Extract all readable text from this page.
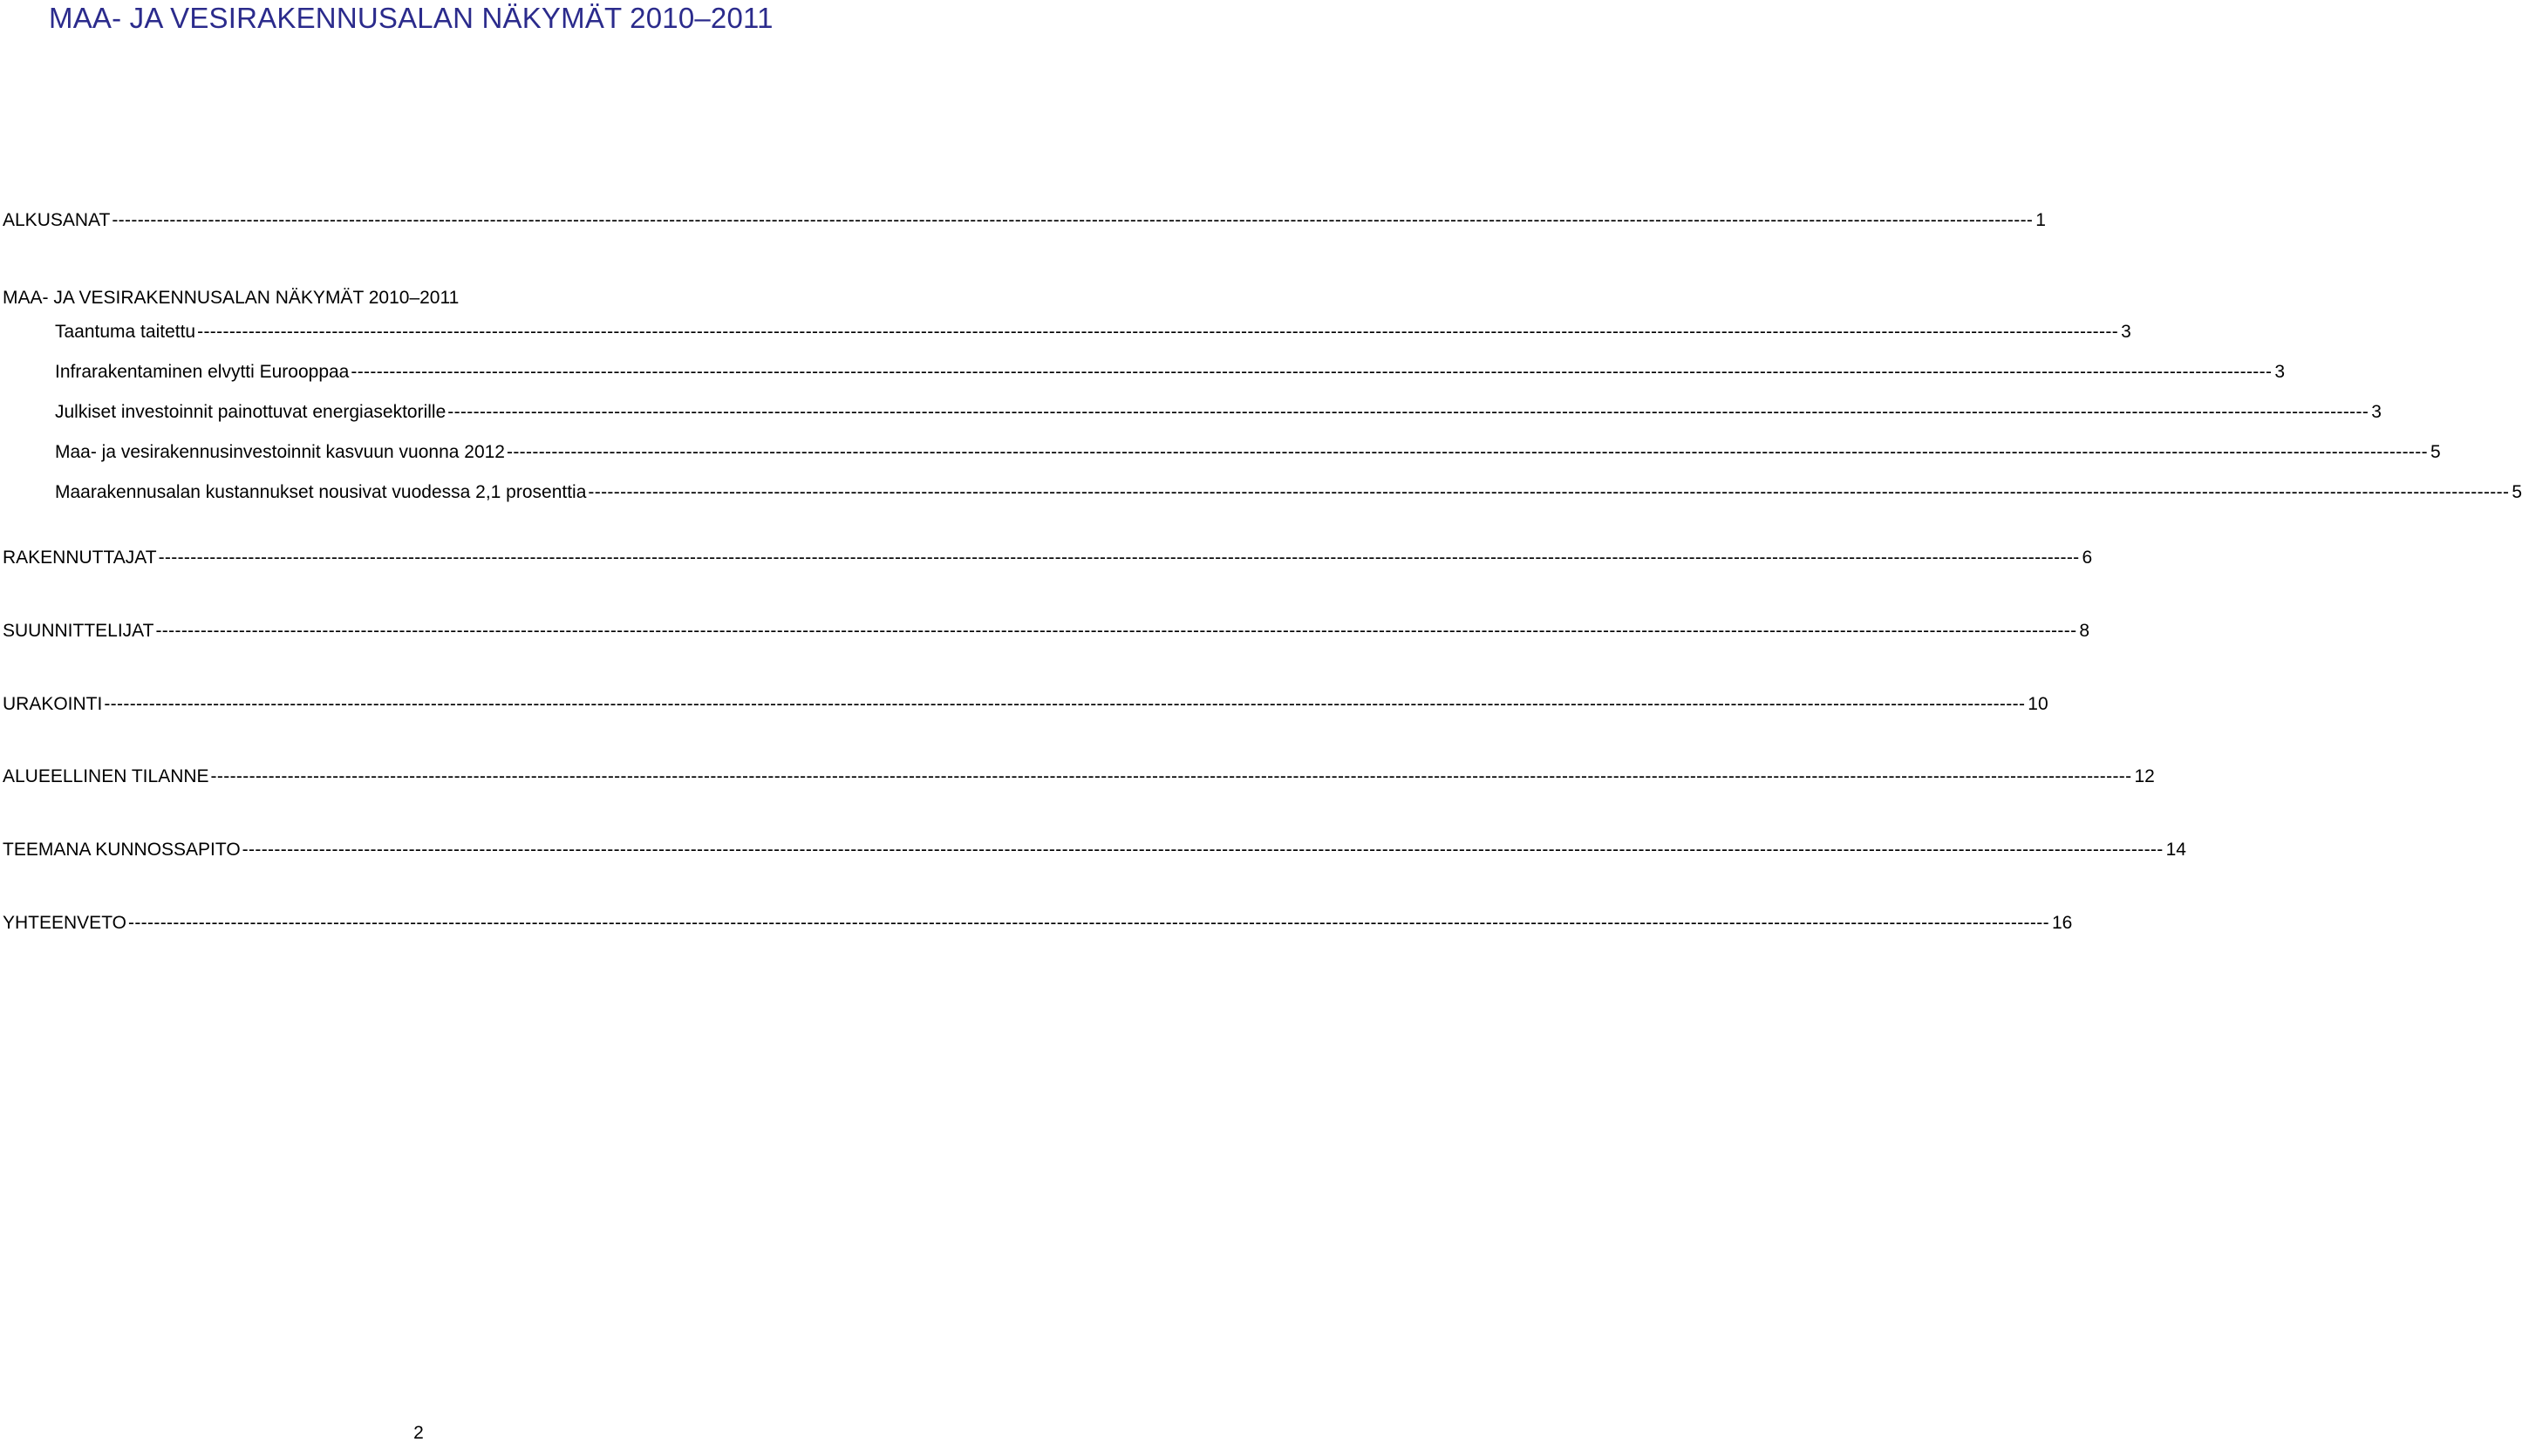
MAA- JA VESIRAKENNUSALAN NÄKYMÄT 2010–2011
ALKUSANAT ------------------------------------------------------------------------------------------------------------------------------------------------------------------------------------------------------------------------------------------------------------------------------------------------------------ 1
MAA- JA VESIRAKENNUSALAN NÄKYMÄT 2010–2011
Taantuma taitettu ------------------------------------------------------------------------------------------------------------------------------------------------------------------------------------------------------------------------------------------------------------------------------------------------------------ 3
Infrarakentaminen elvytti Eurooppaa ------------------------------------------------------------------------------------------------------------------------------------------------------------------------------------------------------------------------------------------------------------------------------------------------------------ 3
Julkiset investoinnit painottuvat energiasektorille ------------------------------------------------------------------------------------------------------------------------------------------------------------------------------------------------------------------------------------------------------------------------------------------------------------ 3
Maa- ja vesirakennusinvestoinnit kasvuun vuonna 2012 ------------------------------------------------------------------------------------------------------------------------------------------------------------------------------------------------------------------------------------------------------------------------------------------------------------ 5
Maarakennusalan kustannukset nousivat vuodessa 2,1 prosenttia ------------------------------------------------------------------------------------------------------------------------------------------------------------------------------------------------------------------------------------------------------------------------------------------------------------ 5
RAKENNUTTAJAT ------------------------------------------------------------------------------------------------------------------------------------------------------------------------------------------------------------------------------------------------------------------------------------------------------------ 6
SUUNNITTELIJAT ------------------------------------------------------------------------------------------------------------------------------------------------------------------------------------------------------------------------------------------------------------------------------------------------------------ 8
URAKOINTI ------------------------------------------------------------------------------------------------------------------------------------------------------------------------------------------------------------------------------------------------------------------------------------------------------------ 10
ALUEELLINEN TILANNE ------------------------------------------------------------------------------------------------------------------------------------------------------------------------------------------------------------------------------------------------------------------------------------------------------------ 12
TEEMANA KUNNOSSAPITO ------------------------------------------------------------------------------------------------------------------------------------------------------------------------------------------------------------------------------------------------------------------------------------------------------------ 14
YHTEENVETO ------------------------------------------------------------------------------------------------------------------------------------------------------------------------------------------------------------------------------------------------------------------------------------------------------------ 16
2
